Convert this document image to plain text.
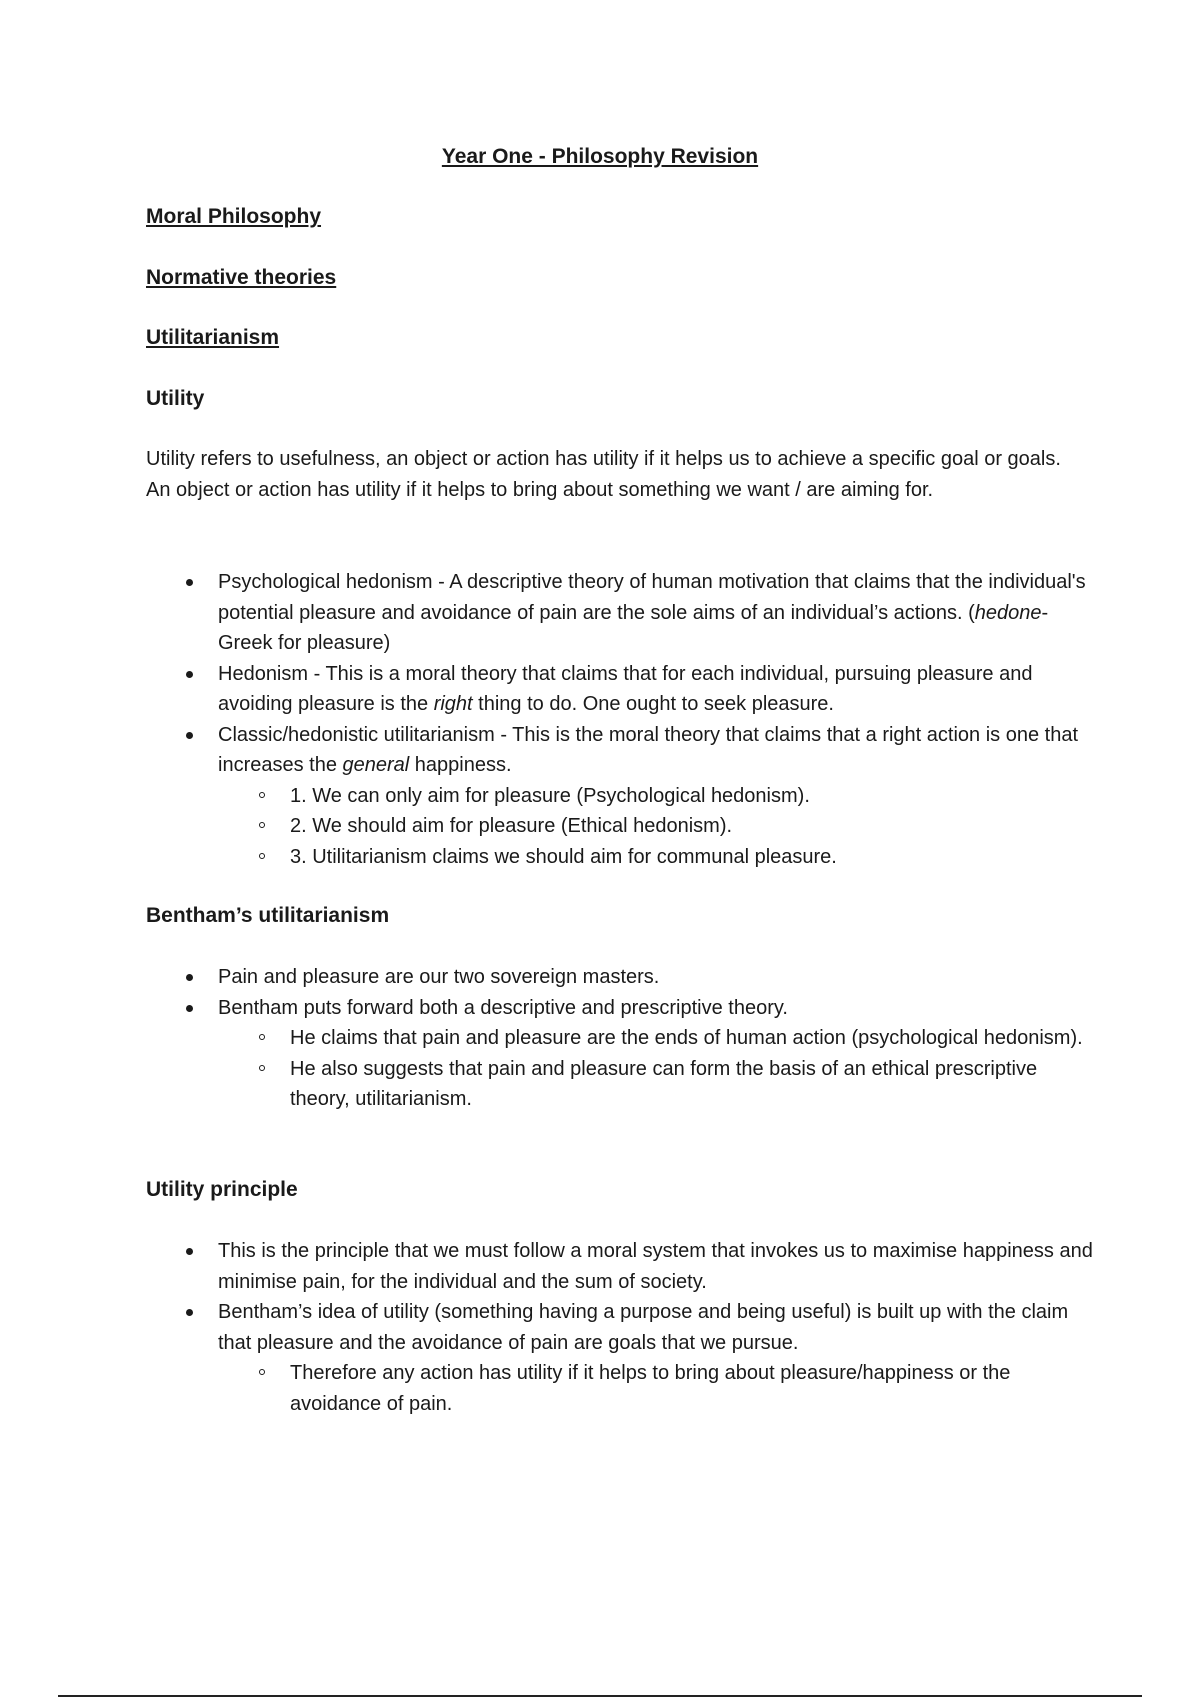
Year One - Philosophy Revision
Moral Philosophy
Normative theories
Utilitarianism
Utility
Utility refers to usefulness, an object or action has utility if it helps us to achieve a specific goal or goals. An object or action has utility if it helps to bring about something we want / are aiming for.
Psychological hedonism - A descriptive theory of human motivation that claims that the individual's potential pleasure and avoidance of pain are the sole aims of an individual’s actions. (hedone- Greek for pleasure)
Hedonism - This is a moral theory that claims that for each individual, pursuing pleasure and avoiding pleasure is the right thing to do. One ought to seek pleasure.
Classic/hedonistic utilitarianism - This is the moral theory that claims that a right action is one that increases the general happiness.
1. We can only aim for pleasure (Psychological hedonism).
2. We should aim for pleasure (Ethical hedonism).
3. Utilitarianism claims we should aim for communal pleasure.
Bentham’s utilitarianism
Pain and pleasure are our two sovereign masters.
Bentham puts forward both a descriptive and prescriptive theory.
He claims that pain and pleasure are the ends of human action (psychological hedonism).
He also suggests that pain and pleasure can form the basis of an ethical prescriptive theory, utilitarianism.
Utility principle
This is the principle that we must follow a moral system that invokes us to maximise happiness and minimise pain, for the individual and the sum of society.
Bentham’s idea of utility (something having a purpose and being useful) is built up with the claim that pleasure and the avoidance of pain are goals that we pursue.
Therefore any action has utility if it helps to bring about pleasure/happiness or the avoidance of pain.
